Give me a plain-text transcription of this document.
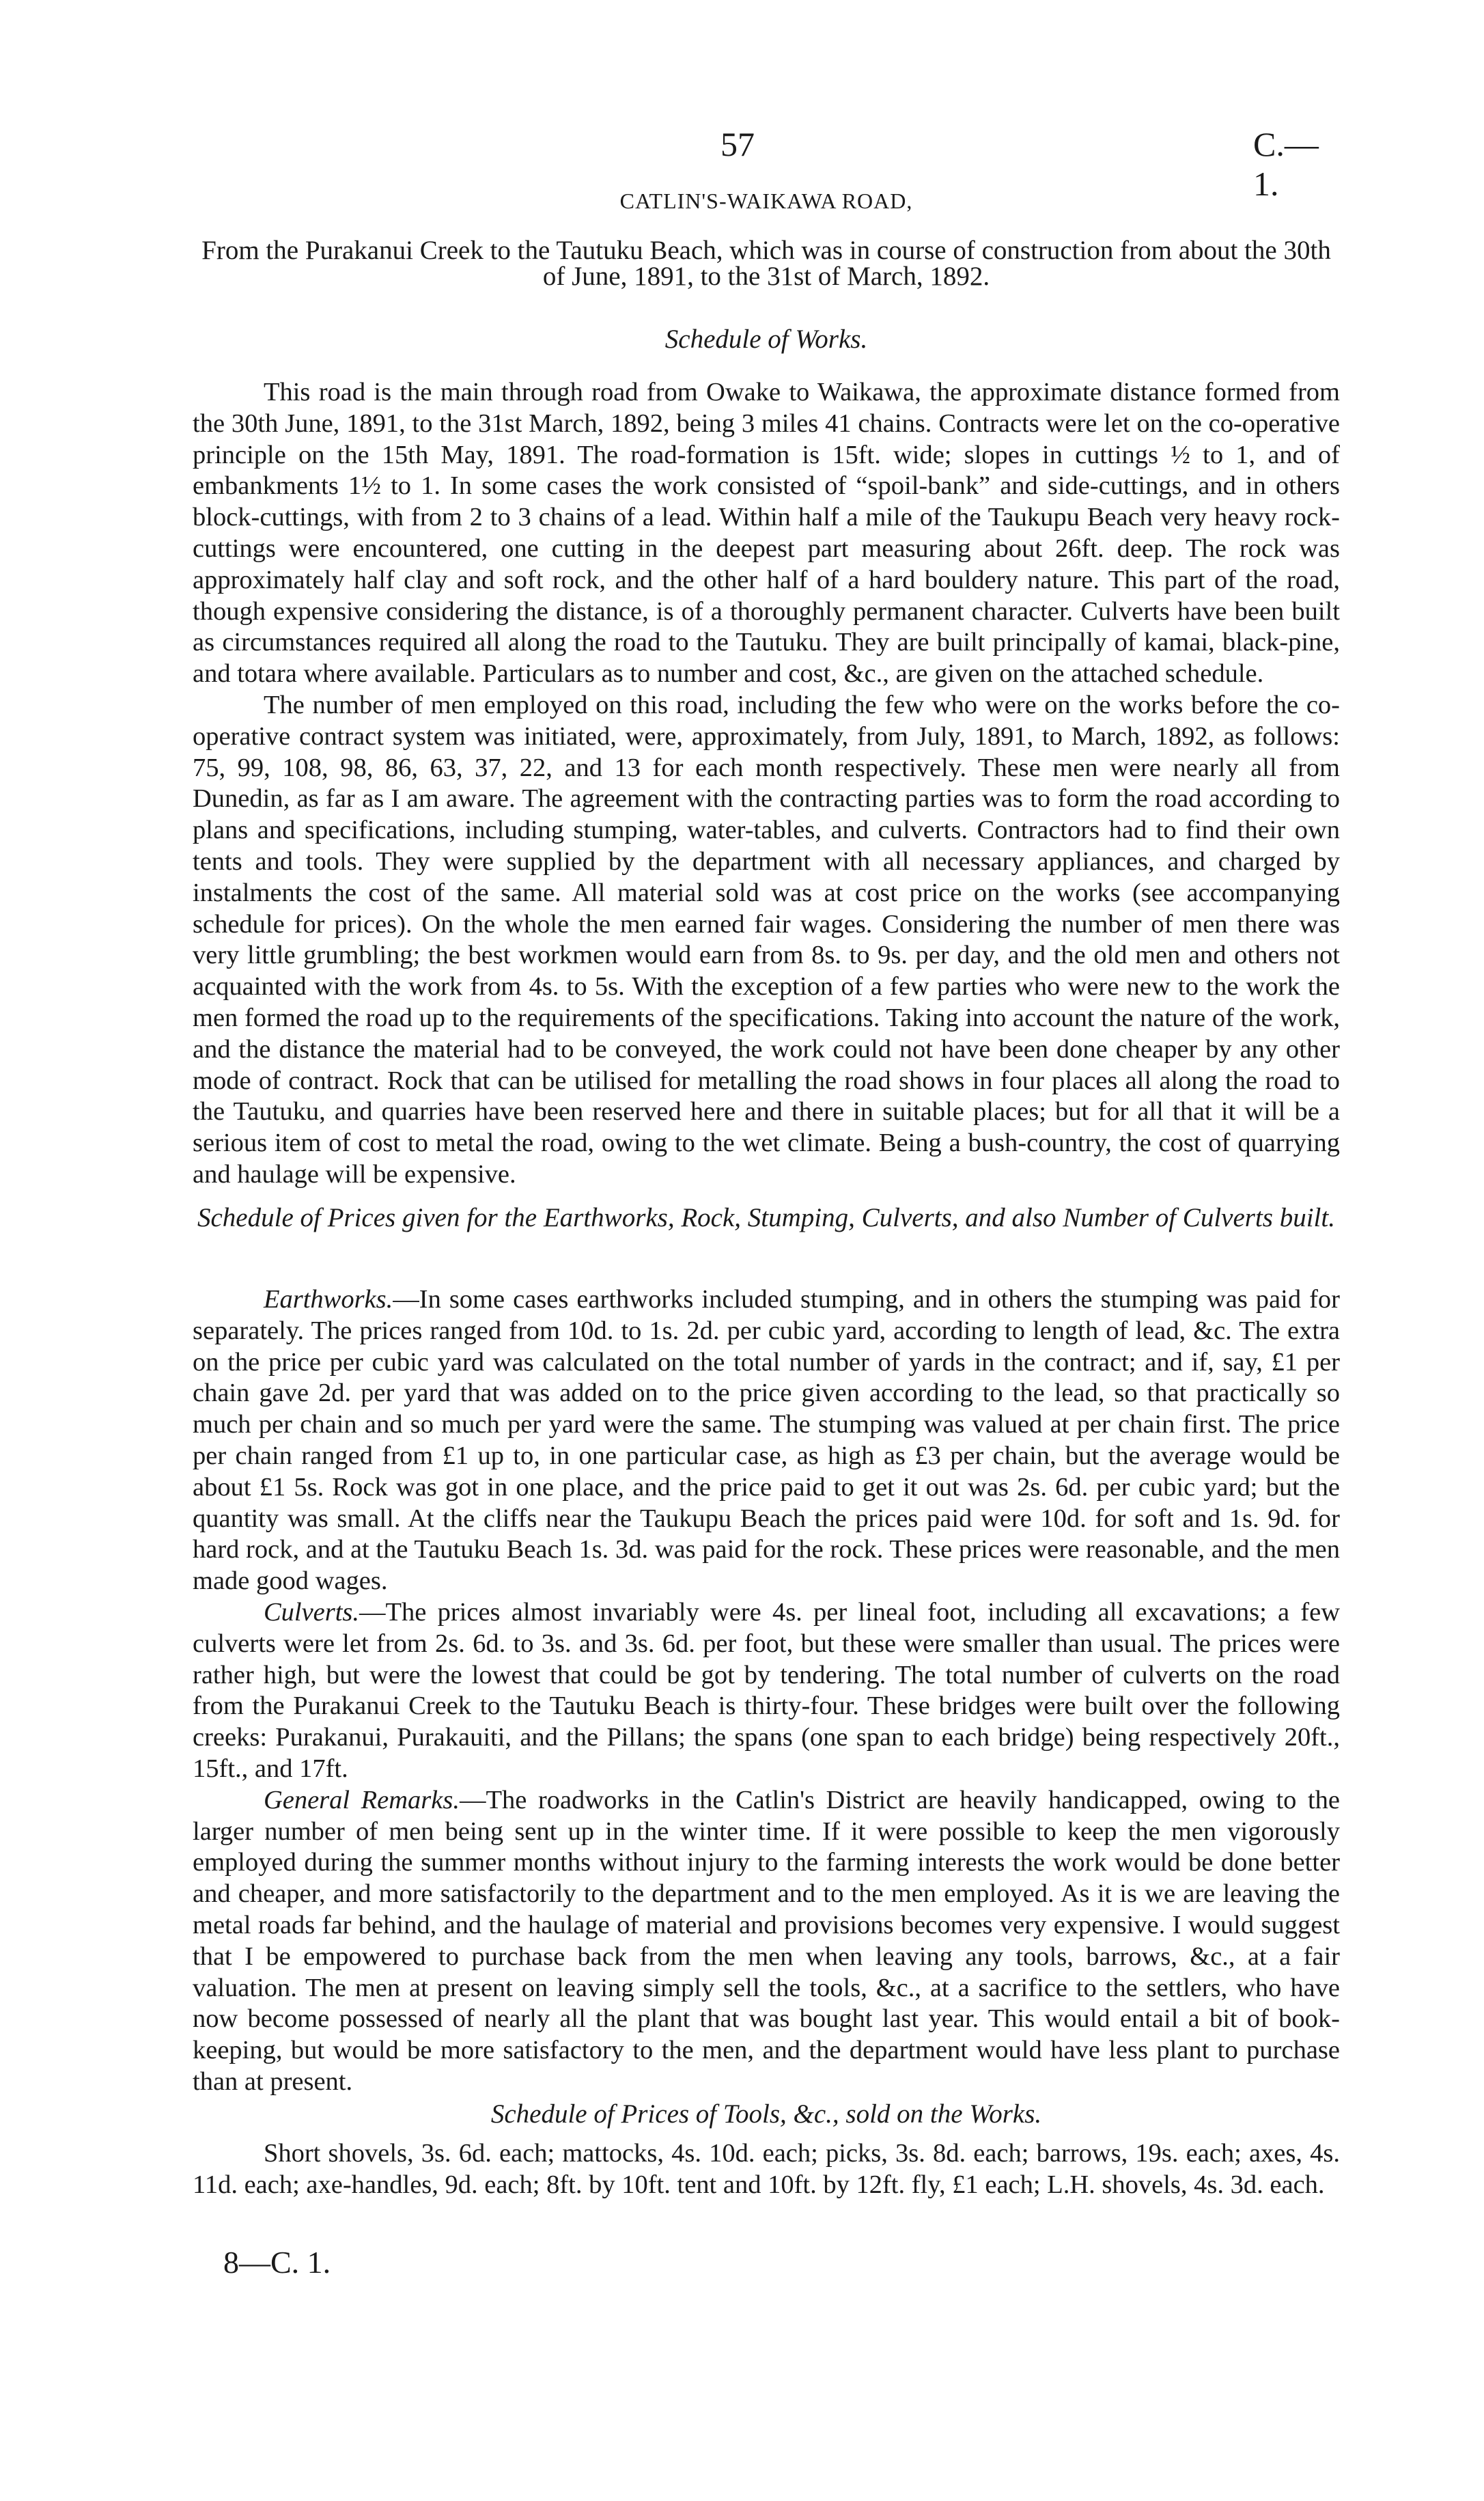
57	C.—1.
CATLIN'S-WAIKAWA ROAD,
From the Purakanui Creek to the Tautuku Beach, which was in course of construction from about the 30th of June, 1891, to the 31st of March, 1892.
Schedule of Works.

This road is the main through road from Owake to Waikawa, the approximate distance formed from the 30th June, 1891, to the 31st March, 1892, being 3 miles 41 chains. Contracts were let on the co-operative principle on the 15th May, 1891. The road-formation is 15ft. wide; slopes in cuttings ½ to 1, and of embankments 1½ to 1. In some cases the work consisted of “spoil-bank” and side-cuttings, and in others block-cuttings, with from 2 to 3 chains of a lead. Within half a mile of the Taukupu Beach very heavy rock-cuttings were encountered, one cutting in the deepest part measuring about 26ft. deep. The rock was approximately half clay and soft rock, and the other half of a hard bouldery nature. This part of the road, though expensive considering the distance, is of a thoroughly permanent character. Culverts have been built as circumstances required all along the road to the Tautuku. They are built principally of kamai, black-pine, and totara where available. Particulars as to number and cost, &c., are given on the attached schedule.

The number of men employed on this road, including the few who were on the works before the co-operative contract system was initiated, were, approximately, from July, 1891, to March, 1892, as follows: 75, 99, 108, 98, 86, 63, 37, 22, and 13 for each month respectively. These men were nearly all from Dunedin, as far as I am aware. The agreement with the contracting parties was to form the road according to plans and specifications, including stumping, water-tables, and culverts. Contractors had to find their own tents and tools. They were supplied by the department with all necessary appliances, and charged by instalments the cost of the same. All material sold was at cost price on the works (see accompanying schedule for prices). On the whole the men earned fair wages. Considering the number of men there was very little grumbling; the best workmen would earn from 8s. to 9s. per day, and the old men and others not acquainted with the work from 4s. to 5s. With the exception of a few parties who were new to the work the men formed the road up to the requirements of the specifications. Taking into account the nature of the work, and the distance the material had to be conveyed, the work could not have been done cheaper by any other mode of contract. Rock that can be utilised for metalling the road shows in four places all along the road to the Tautuku, and quarries have been reserved here and there in suitable places; but for all that it will be a serious item of cost to metal the road, owing to the wet climate. Being a bush-country, the cost of quarrying and haulage will be expensive.

Schedule of Prices given for the Earthworks, Rock, Stumping, Culverts, and also Number of Culverts built.

Earthworks.—In some cases earthworks included stumping, and in others the stumping was paid for separately. The prices ranged from 10d. to 1s. 2d. per cubic yard, according to length of lead, &c. The extra on the price per cubic yard was calculated on the total number of yards in the contract; and if, say, £1 per chain gave 2d. per yard that was added on to the price given according to the lead, so that practically so much per chain and so much per yard were the same. The stumping was valued at per chain first. The price per chain ranged from £1 up to, in one particular case, as high as £3 per chain, but the average would be about £1 5s. Rock was got in one place, and the price paid to get it out was 2s. 6d. per cubic yard; but the quantity was small. At the cliffs near the Taukupu Beach the prices paid were 10d. for soft and 1s. 9d. for hard rock, and at the Tautuku Beach 1s. 3d. was paid for the rock. These prices were reasonable, and the men made good wages.

Culverts.—The prices almost invariably were 4s. per lineal foot, including all excavations; a few culverts were let from 2s. 6d. to 3s. and 3s. 6d. per foot, but these were smaller than usual. The prices were rather high, but were the lowest that could be got by tendering. The total number of culverts on the road from the Purakanui Creek to the Tautuku Beach is thirty-four. These bridges were built over the following creeks: Purakanui, Purakauiti, and the Pillans; the spans (one span to each bridge) being respectively 20ft., 15ft., and 17ft.

General Remarks.—The roadworks in the Catlin's District are heavily handicapped, owing to the larger number of men being sent up in the winter time. If it were possible to keep the men vigorously employed during the summer months without injury to the farming interests the work would be done better and cheaper, and more satisfactorily to the department and to the men employed. As it is we are leaving the metal roads far behind, and the haulage of material and provisions becomes very expensive. I would suggest that I be empowered to purchase back from the men when leaving any tools, barrows, &c., at a fair valuation. The men at present on leaving simply sell the tools, &c., at a sacrifice to the settlers, who have now become possessed of nearly all the plant that was bought last year. This would entail a bit of book-keeping, but would be more satisfactory to the men, and the department would have less plant to purchase than at present.

Schedule of Prices of Tools, &c., sold on the Works.

Short shovels, 3s. 6d. each; mattocks, 4s. 10d. each; picks, 3s. 8d. each; barrows, 19s. each; axes, 4s. 11d. each; axe-handles, 9d. each; 8ft. by 10ft. tent and 10ft. by 12ft. fly, £1 each; L.H. shovels, 4s. 3d. each.

8—C. 1.
